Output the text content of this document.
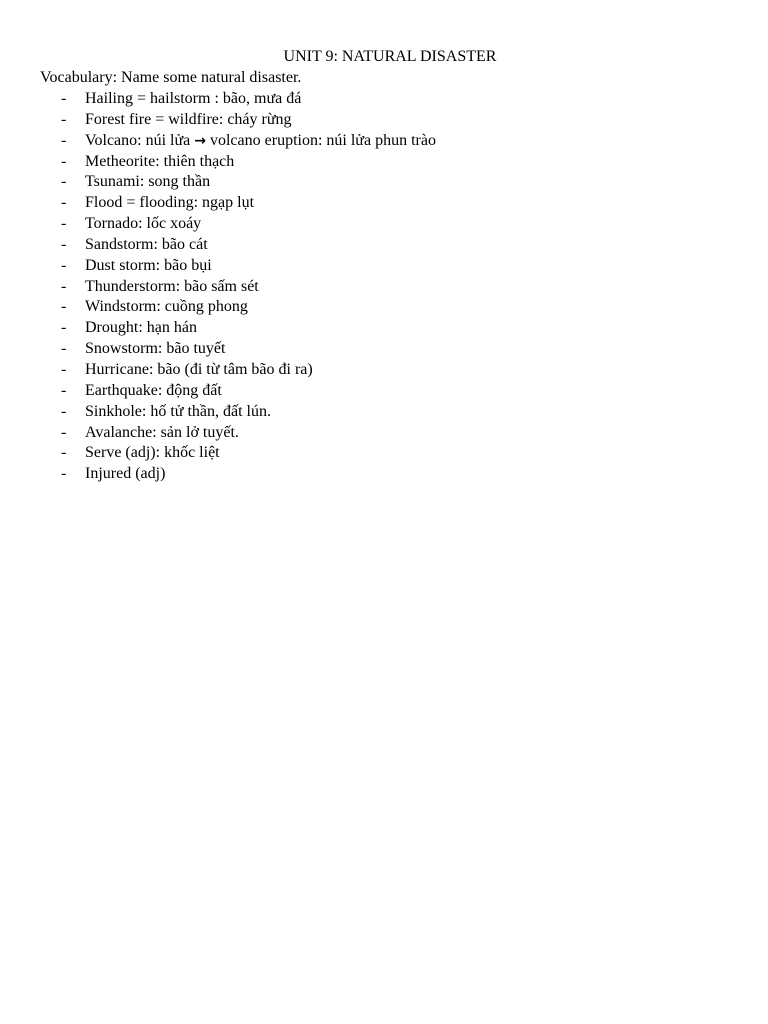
UNIT 9: NATURAL DISASTER
Vocabulary: Name some natural disaster.
- Hailing = hailstorm : bão, mưa đá
- Forest fire = wildfire: cháy rừng
- Volcano: núi lửa → volcano eruption: núi lửa phun trào
- Metheorite: thiên thạch
- Tsunami: song thần
- Flood = flooding: ngạp lụt
- Tornado: lốc xoáy
- Sandstorm: bão cát
- Dust storm: bão bụi
- Thunderstorm: bão sấm sét
- Windstorm: cuồng phong
- Drought: hạn hán
- Snowstorm: bão tuyết
- Hurricane: bão (đi từ tâm bão đi ra)
- Earthquake: động đất
- Sinkhole: hố tử thần, đất lún.
- Avalanche: sản lở tuyết.
- Serve (adj): khốc liệt
- Injured (adj)
